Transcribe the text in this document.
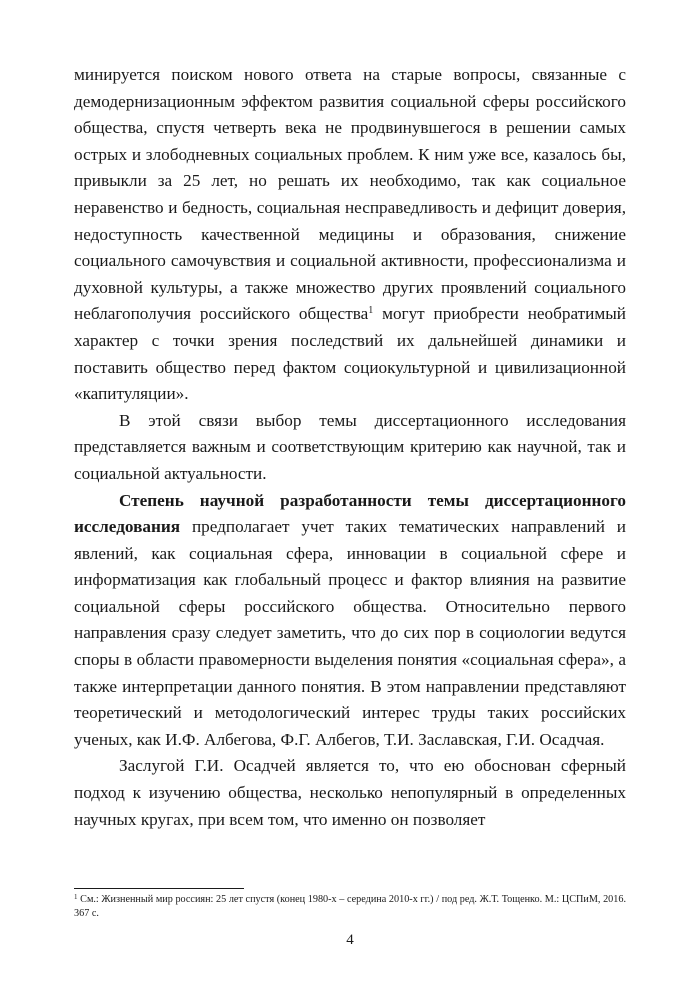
минируется поиском нового ответа на старые вопросы, связанные с демодернизационным эффектом развития социальной сферы российского общества, спустя четверть века не продвинувшегося в решении самых острых и злободневных социальных проблем. К ним уже все, казалось бы, привыкли за 25 лет, но решать их необходимо, так как социальное неравенство и бедность, социальная несправедливость и дефицит доверия, недоступность качественной медицины и образования, снижение социального самочувствия и социальной активности, профессионализма и духовной культуры, а также множество других проявлений социального неблагополучия российского общества$^1$ могут приобрести необратимый характер с точки зрения последствий их дальнейшей динамики и поставить общество перед фактом социокультурной и цивилизационной «капитуляции».

В этой связи выбор темы диссертационного исследования представляется важным и соответствующим критерию как научной, так и социальной актуальности.

Степень научной разработанности темы диссертационного исследования предполагает учет таких тематических направлений и явлений, как социальная сфера, инновации в социальной сфере и информатизация как глобальный процесс и фактор влияния на развитие социальной сферы российского общества. Относительно первого направления сразу следует заметить, что до сих пор в социологии ведутся споры в области правомерности выделения понятия «социальная сфера», а также интерпретации данного понятия. В этом направлении представляют теоретический и методологический интерес труды таких российских ученых, как И.Ф. Албегова, Ф.Г. Албегов, Т.И. Заславская, Г.И. Осадчая.

Заслугой Г.И. Осадчей является то, что ею обоснован сферный подход к изучению общества, несколько непопулярный в определенных научных кругах, при всем том, что именно он позволяет

$^1$ См.: Жизненный мир россиян: 25 лет спустя (конец 1980-х – середина 2010-х гг.) / под ред. Ж.Т. Тощенко. М.: ЦСПиМ, 2016. 367 с.
4
